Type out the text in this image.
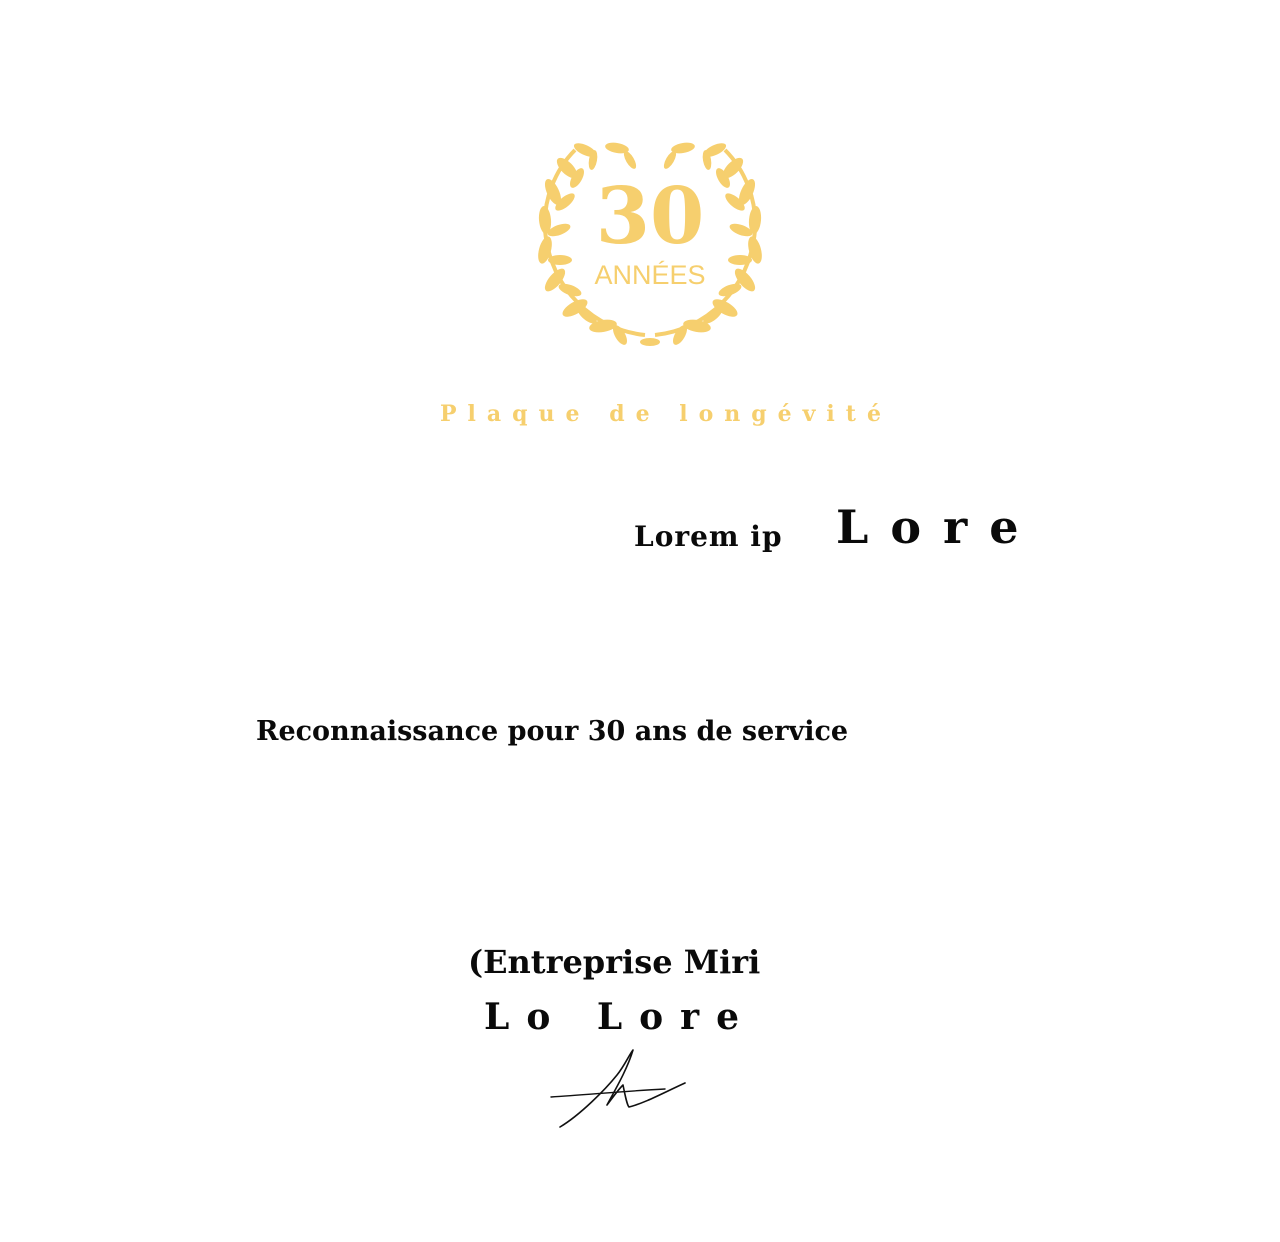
30
ANNÉES
Plaque de longévité
Lorem ip Lore
Reconnaissance pour 30 ans de service
(Entreprise Miri
Lo Lore
